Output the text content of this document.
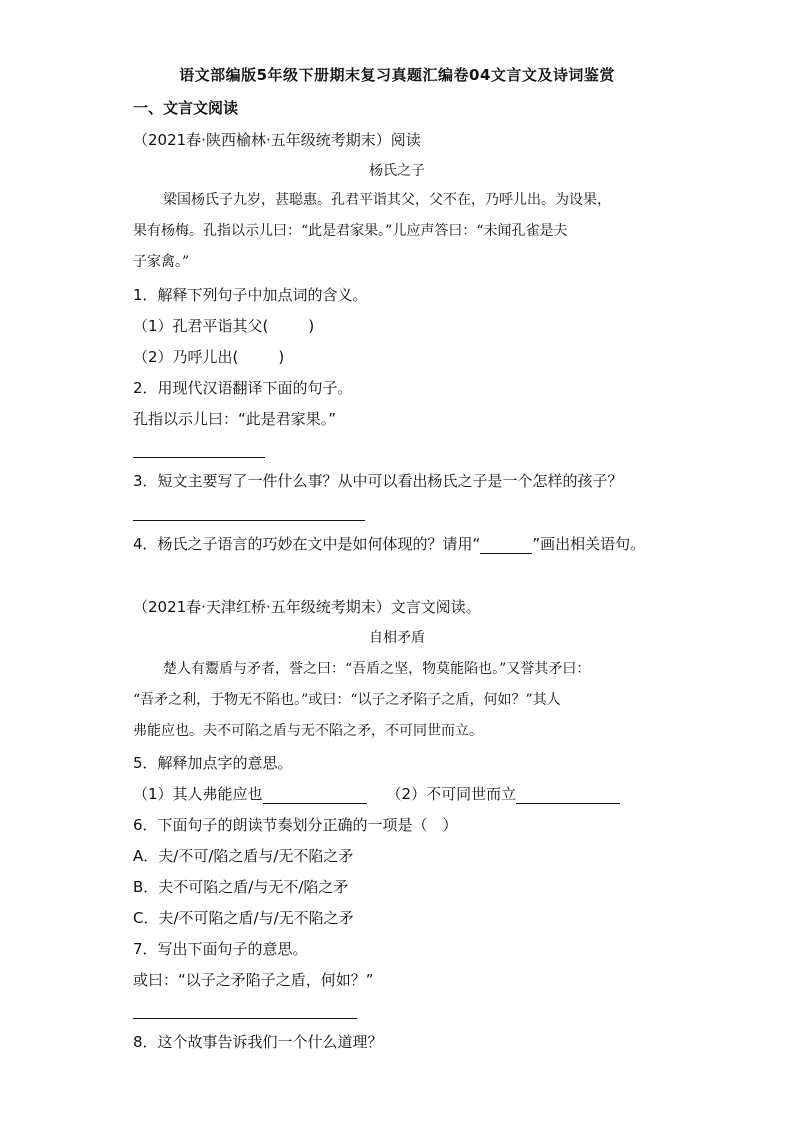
语文部编版5年级下册期末复习真题汇编卷04文言文及诗词鉴赏
一、文言文阅读
（2021春·陕西榆林·五年级统考期末）阅读
杨氏之子
梁国杨氏子九岁，甚聪惠。孔君平诣其父，父不在，乃呼儿出。为设果，
果有杨梅。孔指以示儿曰：“此是君家果。”儿应声答曰：“未闻孔雀是夫
子家禽。”
1．解释下列句子中加点词的含义。
（1）孔君平诣其父(	)
（2）乃呼儿出(	)
2．用现代汉语翻译下面的句子。
孔指以示儿曰：“此是君家果。”
3．短文主要写了一件什么事？从中可以看出杨氏之子是一个怎样的孩子？
4．杨氏之子语言的巧妙在文中是如何体现的？请用“	”画出相关语句。
（2021春·天津红桥·五年级统考期末）文言文阅读。
自相矛盾
楚人有鬻盾与矛者，誉之曰：“吾盾之坚，物莫能陷也。”又誉其矛曰：
“吾矛之利，于物无不陷也。”或曰：“以子之矛陷子之盾，何如？”其人
弗能应也。夫不可陷之盾与无不陷之矛，不可同世而立。
5．解释加点字的意思。
（1）其人弗能应也	（2）不可同世而立
6．下面句子的朗读节奏划分正确的一项是（　）
A．夫/不可/陷之盾与/无不陷之矛
B．夫不可陷之盾/与无不/陷之矛
C．夫/不可陷之盾/与/无不陷之矛
7．写出下面句子的意思。
或曰：“以子之矛陷子之盾，何如？”
8．这个故事告诉我们一个什么道理？
